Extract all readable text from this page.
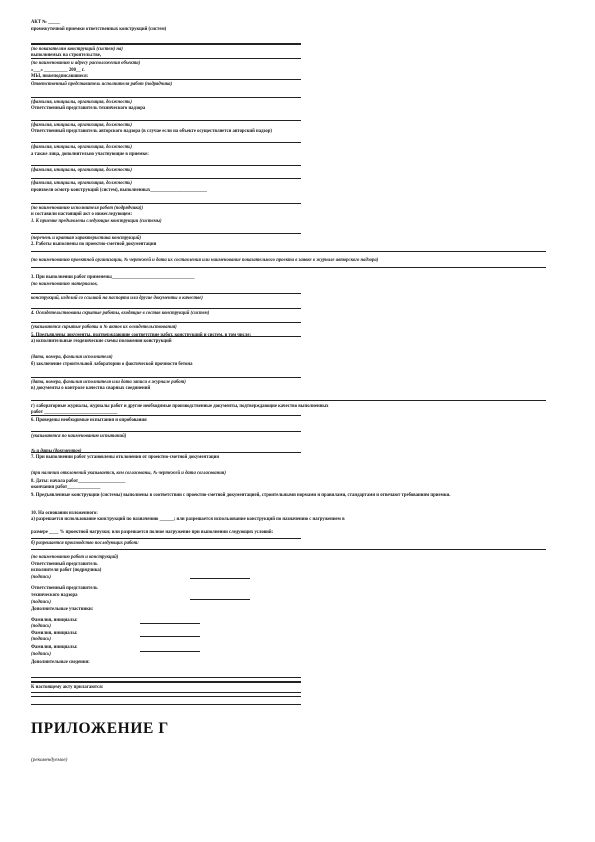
АКТ № _____
промежуточной приемки ответственных конструкций (систем)
(по показателям конструкций (систем) на)
выполняемых на строительстве,
(по наименованию и адресу расположения объекта)
«___» __________ 200__ г.
МЫ, нижеподписавшиеся:
Ответственный представитель исполнителя работ (подрядчика)
(фамилия, инициалы, организация, должность)
Ответственный представитель технического надзора
(фамилия, инициалы, организация, должность)
Ответственный представитель авторского надзора (в случае если на объекте осуществляется авторский надзор)
(фамилия, инициалы, организация, должность)
а также лица, дополнительно участвующие в приемке:
(фамилия, инициалы, организация, должность)
(фамилия, инициалы, организация, должность)
произвели осмотр конструкций (систем), выполненных________________________
(по наименованию исполнителя работ (подрядчика))
и составили настоящий акт о нижеследующем:
1. К приемке предъявлены следующие конструкции (системы)
(перечень и краткая характеристика конструкций)
2. Работы выполнены по проектно-сметной документации
(по наименованию проектной организации, № чертежей и дата их составления или наименование показательного проекта в заявке в журнале авторского надзора)
3. При выполнении работ применены___________________________________
(по наименованию материалов,
конструкций, изделий со ссылкой на паспорта или другие документы о качестве)
4. Освидетельствованы скрытые работы, входящие в состав конструкций (систем)
(указываются скрытые работы и № актов их освидетельствования)
5. Предъявлены документы, подтверждающие соответствие работ, конструкций и систем, в том числе:
а) исполнительные геодезические схемы положения конструкций
(дата, номера, фамилия исполнителя)
б) заключение строительной лаборатории о фактической прочности бетона
(дата, номера, фамилия исполнителя или дата записи в журнале работ)
в) документы о контроле качества сварных соединений
г) лабораторные журналы, журналы работ и другие необходимые производственные документы, подтверждающие качество выполненных
работ _______________________________
6. Проведены необходимые испытания и опробования
(указываются по наименованию испытаний)
№ и даты (документов)
7. При выполнении работ установлены отклонения от проектно-сметной документации
(при наличии отклонений указывается, кем согласованы, № чертежей и дата согласования)
8. Даты: начала работ____________________
окончания работ______________
9. Предъявленные конструкции (системы) выполнены в соответствии с проектно-сметной документацией, строительными нормами и правилами, стандартами и отвечают требованиям приемки.
10. На основании изложенного:
а) разрешается использование конструкций по назначению ______; или разрешается использование конструкций по назначению с нагружением в
размере ____ % проектной нагрузки; или разрешается полное нагружение при выполнении следующих условий:
б) разрешается производство последующих работ:
(по наименованию работ и конструкций)
Ответственный представитель
исполнителя работ (подрядчика)
(подпись)
Ответственный представитель
технического надзора
(подпись)
Дополнительные участники:
Фамилия, инициалы:
(подпись)
Фамилия, инициалы:
(подпись)
Фамилия, инициалы:
(подпись)
Дополнительные сведения:
К настоящему акту прилагаются:
ПРИЛОЖЕНИЕ Г
(рекомендуемое)
